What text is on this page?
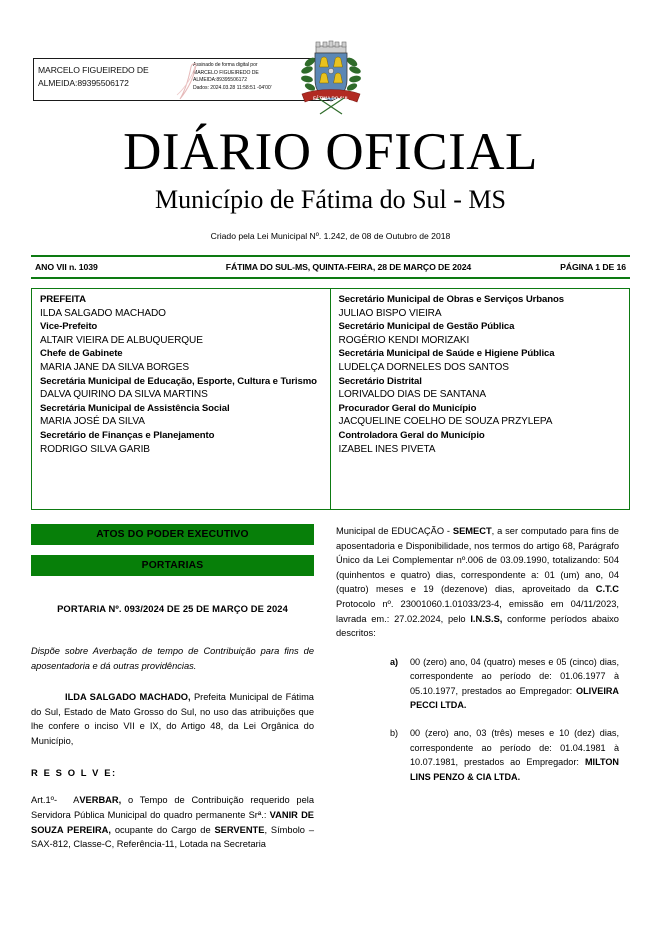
MARCELO FIGUEIREDO DE
ALMEIDA:89395506172
Assinado de forma digital por
MARCELO FIGUEIREDO DE
ALMEIDA:89395506172
Dados: 2024.03.28 11:58:51 -04'00'
FÁTIMA DO SUL
DIÁRIO OFICIAL
Município de Fátima do Sul - MS
Criado pela Lei Municipal Nº. 1.242, de 08 de Outubro de 2018
ANO VII n. 1039	FÁTIMA DO SUL-MS, QUINTA-FEIRA, 28 DE MARÇO DE 2024	PÁGINA 1 DE 16
PREFEITA
ILDA SALGADO MACHADO
Vice-Prefeito
ALTAIR VIEIRA DE ALBUQUERQUE
Chefe de Gabinete
MARIA JANE DA SILVA BORGES
Secretária Municipal de Educação, Esporte, Cultura e Turismo
DALVA QUIRINO DA SILVA MARTINS
Secretária Municipal de Assistência Social
MARIA JOSÉ DA SILVA
Secretário de Finanças e Planejamento
RODRIGO SILVA GARIB
Secretário Municipal de Obras e Serviços Urbanos
JULIAO BISPO VIEIRA
Secretário Municipal de Gestão Pública
ROGÉRIO KENDI MORIZAKI
Secretária Municipal de Saúde e Higiene Pública
LUDELÇA DORNELES DOS SANTOS
Secretário Distrital
LORIVALDO DIAS DE SANTANA
Procurador Geral do Município
JACQUELINE COELHO DE SOUZA PRZYLEPA
Controladora Geral do Município
IZABEL INES PIVETA
ATOS DO PODER EXECUTIVO
PORTARIAS
PORTARIA Nº. 093/2024 DE 25 DE MARÇO DE 2024
Dispõe sobre Averbação de tempo de Contribuição para fins de aposentadoria e dá outras providências.
ILDA SALGADO MACHADO, Prefeita Municipal de Fátima do Sul, Estado de Mato Grosso do Sul, no uso das atribuições que lhe confere o inciso VII e IX, do Artigo 48, da Lei Orgânica do Município,
R E S O L V E:
Art.1º- AVERBAR, o Tempo de Contribuição requerido pela Servidora Pública Municipal do quadro permanente Srª.: VANIR DE SOUZA PEREIRA, ocupante do Cargo de SERVENTE, Símbolo – SAX-812, Classe-C, Referência-11, Lotada na Secretaria
Municipal de EDUCAÇÃO - SEMECT, a ser computado para fins de aposentadoria e Disponibilidade, nos termos do artigo 68, Parágrafo Único da Lei Complementar nº.006 de 03.09.1990, totalizando: 504 (quinhentos e quatro) dias, correspondente a: 01 (um) ano, 04 (quatro) meses e 19 (dezenove) dias, aproveitado da C.T.C Protocolo nº. 23001060.1.01033/23-4, emissão em 04/11/2023, lavrada em.: 27.02.2024, pelo I.N.S.S, conforme períodos abaixo descritos:
a)	00 (zero) ano, 04 (quatro) meses e 05 (cinco) dias, correspondente ao período de: 01.06.1977 à 05.10.1977, prestados ao Empregador: OLIVEIRA PECCI LTDA.
b)	00 (zero) ano, 03 (três) meses e 10 (dez) dias, correspondente ao período de: 01.04.1981 à 10.07.1981, prestados ao Empregador: MILTON LINS PENZO & CIA LTDA.
